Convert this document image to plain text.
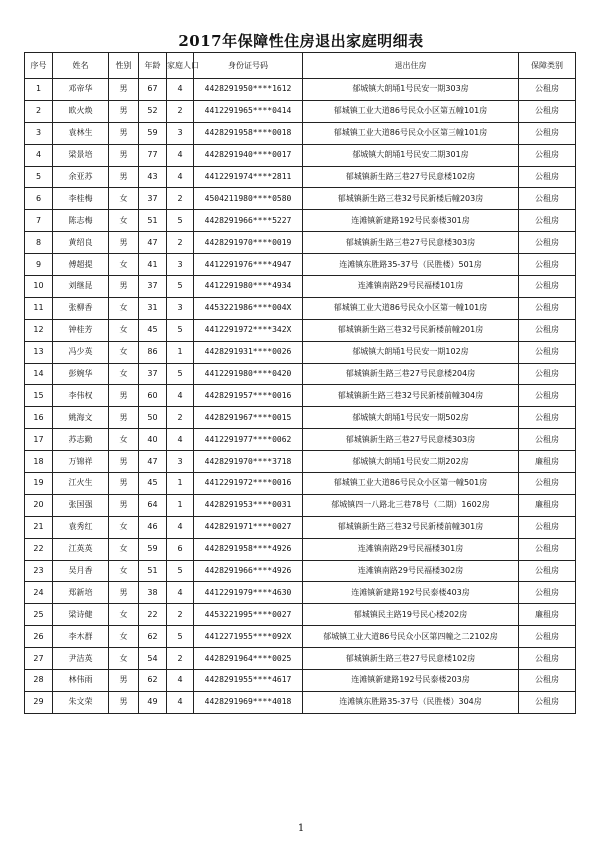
2017年保障性住房退出家庭明细表
序号	姓名	性别	年龄	家庭人口	身份证号码	退出住房	保障类别
1	邓帝华	男	67	4	4428291950****1612	郁城镇大朗埇1号民安一期303房	公租房
2	欧火焕	男	52	2	4412291965****0414	郁城镇工业大道86号民众小区第五幢101房	公租房
3	袁林生	男	59	3	4428291958****0018	郁城镇工业大道86号民众小区第三幢101房	公租房
4	梁景培	男	77	4	4428291940****0017	郁城镇大朗埇1号民安二期301房	公租房
5	余亚苏	男	43	4	4412291974****2811	郁城镇新生路三巷27号民意楼102房	公租房
6	李桂梅	女	37	2	4504211980****0580	郁城镇新生路三巷32号民新楼后幢203房	公租房
7	陈志梅	女	51	5	4428291966****5227	连滩镇新建路192号民泰楼301房	公租房
8	黄绍良	男	47	2	4428291970****0019	郁城镇新生路三巷27号民意楼303房	公租房
9	傅超提	女	41	3	4412291976****4947	连滩镇东胜路35-37号（民胜楼）501房	公租房
10	刘继昆	男	37	5	4412291980****4934	连滩镇南路29号民福楼101房	公租房
11	张柳香	女	31	3	4453221986****004X	郁城镇工业大道86号民众小区第一幢101房	公租房
12	钟桂芳	女	45	5	4412291972****342X	郁城镇新生路三巷32号民新楼前幢201房	公租房
13	冯少英	女	86	1	4428291931****0026	郁城镇大朗埇1号民安一期102房	公租房
14	彭婉华	女	37	5	4412291980****0420	郁城镇新生路三巷27号民意楼204房	公租房
15	李伟权	男	60	4	4428291957****0016	郁城镇新生路三巷32号民新楼前幢304房	公租房
16	姚海文	男	50	2	4428291967****0015	郁城镇大朗埇1号民安一期502房	公租房
17	苏志勤	女	40	4	4412291977****0062	郁城镇新生路三巷27号民意楼303房	公租房
18	万锦祥	男	47	3	4428291970****3718	郁城镇大朗埇1号民安二期202房	廉租房
19	江火生	男	45	1	4412291972****0016	郁城镇工业大道86号民众小区第一幢501房	公租房
20	张国强	男	64	1	4428291953****0031	郁城镇四一八路北三巷78号（二期）1602房	廉租房
21	袁秀红	女	46	4	4428291971****0027	郁城镇新生路三巷32号民新楼前幢301房	公租房
22	江英英	女	59	6	4428291958****4926	连滩镇南路29号民福楼301房	公租房
23	吴月香	女	51	5	4428291966****4926	连滩镇南路29号民福楼302房	公租房
24	郑新培	男	38	4	4412291979****4630	连滩镇新建路192号民泰楼403房	公租房
25	梁诗健	女	22	2	4453221995****0027	郁城镇民主路19号民心楼202房	廉租房
26	李木群	女	62	5	4412271955****092X	郁城镇工业大道86号民众小区第四幢之二2102房	公租房
27	尹洁英	女	54	2	4428291964****0025	郁城镇新生路三巷27号民意楼102房	公租房
28	林伟雨	男	62	4	4428291955****4617	连滩镇新建路192号民泰楼203房	公租房
29	朱文荣	男	49	4	4428291969****4018	连滩镇东胜路35-37号（民胜楼）304房	公租房
1
